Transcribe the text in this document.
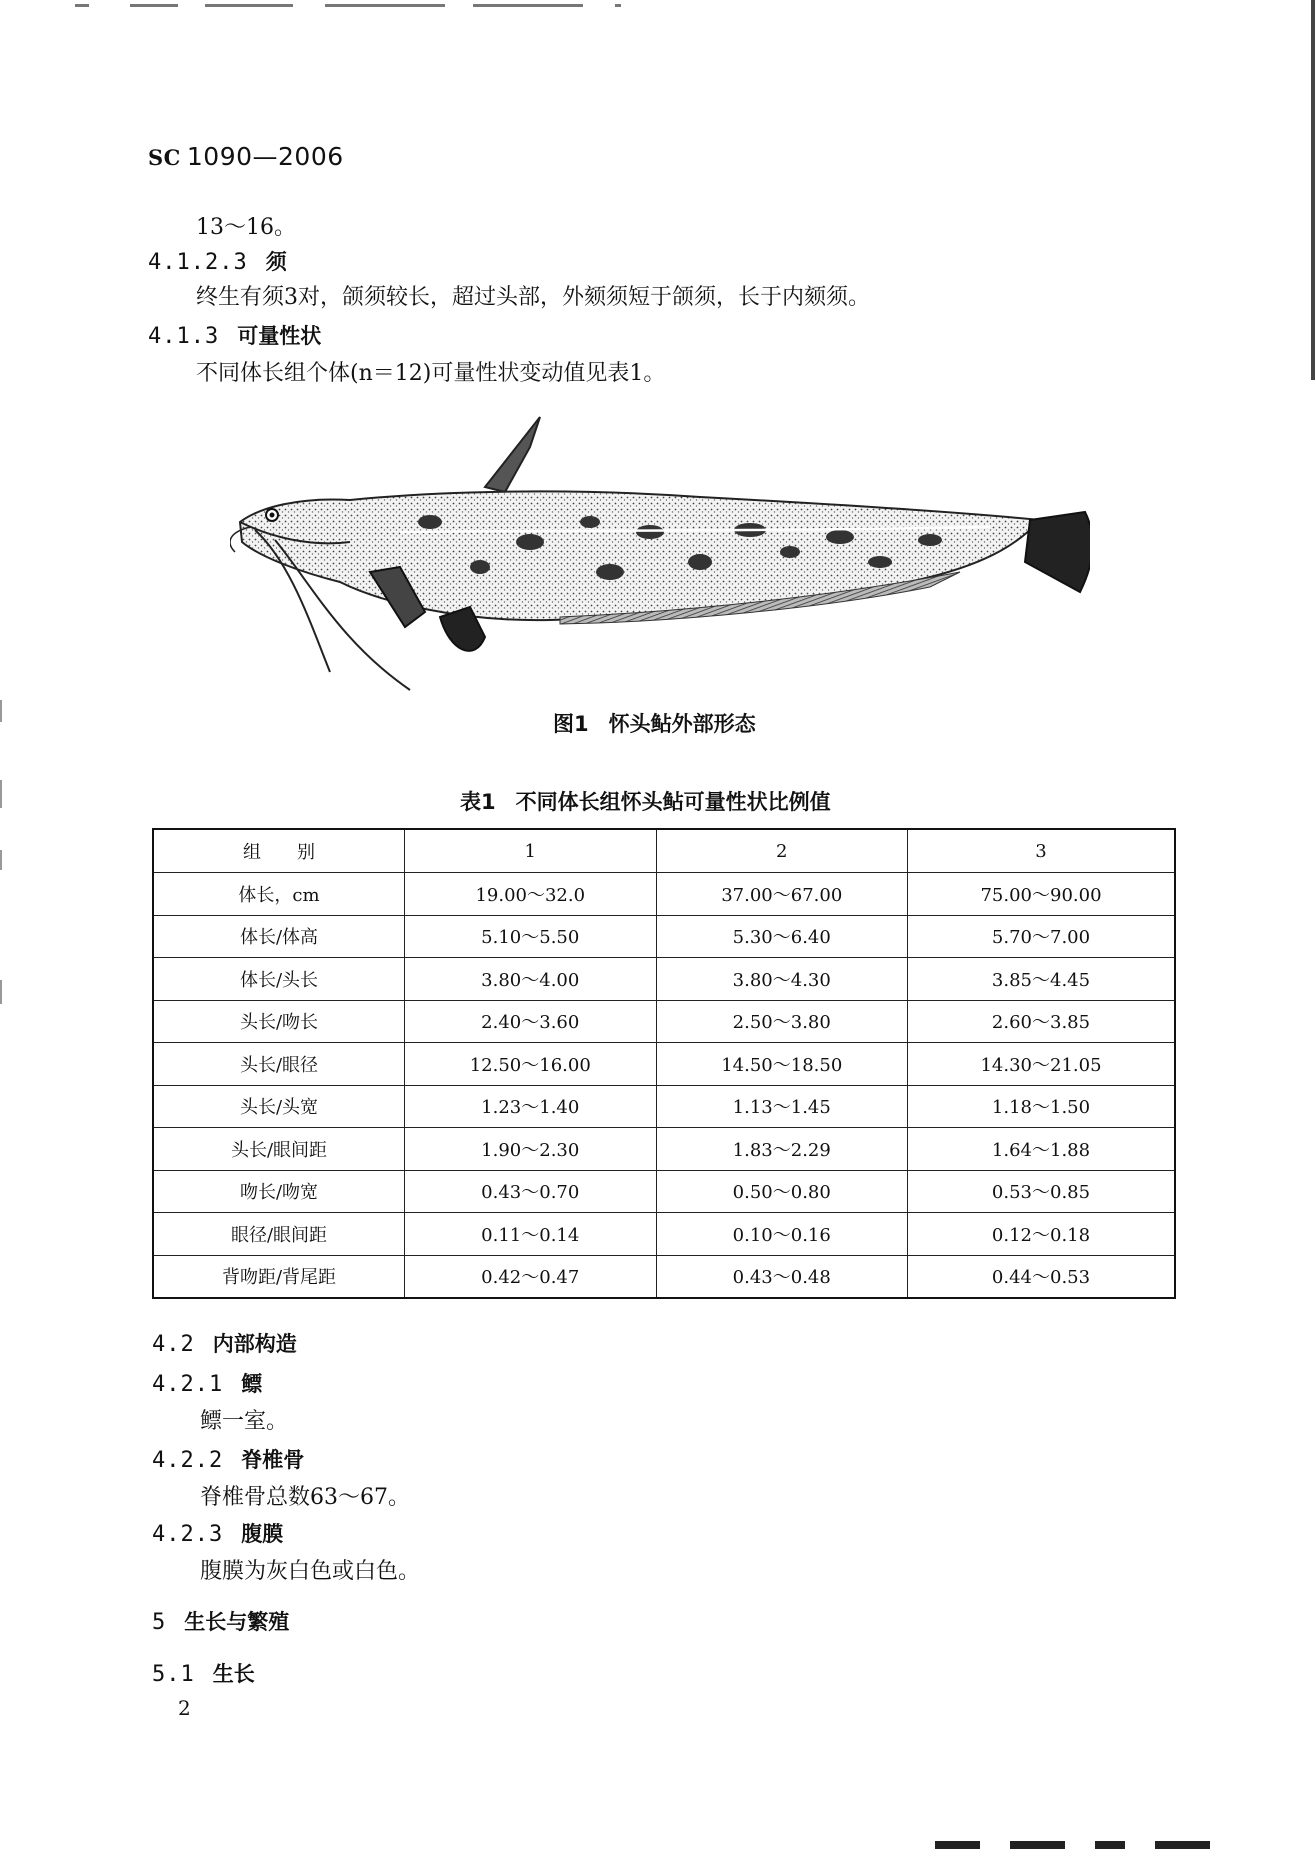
SC 1090—2006
13～16。
4.1.2.3 须
终生有须3对，颌须较长，超过头部，外颏须短于颌须，长于内颏须。
4.1.3 可量性状
不同体长组个体(n＝12)可量性状变动值见表1。
图1 怀头鲇外部形态
表1 不同体长组怀头鲇可量性状比例值
组　　别	1	2	3
体长，cm	19.00～32.0	37.00～67.00	75.00～90.00
体长/体高	5.10～5.50	5.30～6.40	5.70～7.00
体长/头长	3.80～4.00	3.80～4.30	3.85～4.45
头长/吻长	2.40～3.60	2.50～3.80	2.60～3.85
头长/眼径	12.50～16.00	14.50～18.50	14.30～21.05
头长/头宽	1.23～1.40	1.13～1.45	1.18～1.50
头长/眼间距	1.90～2.30	1.83～2.29	1.64～1.88
吻长/吻宽	0.43～0.70	0.50～0.80	0.53～0.85
眼径/眼间距	0.11～0.14	0.10～0.16	0.12～0.18
背吻距/背尾距	0.42～0.47	0.43～0.48	0.44～0.53
4.2 内部构造
4.2.1 鳔
鳔一室。
4.2.2 脊椎骨
脊椎骨总数63～67。
4.2.3 腹膜
腹膜为灰白色或白色。
5 生长与繁殖
5.1 生长
2
